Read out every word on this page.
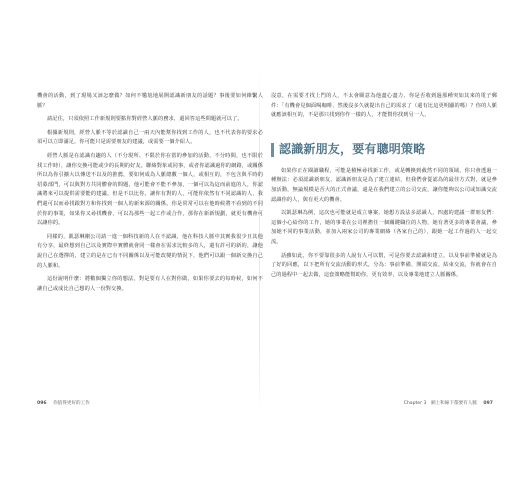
機會的活動，到了現場又該怎麼做？如何不尷尬地展開認識新朋友的話題？事後要如何維繫人脈？

請記住，只須依照工作新規則要點你對經營人脈的務求，還回答這些問題就可以了。

根據新規則，經營人脈不等於認識自己一兩天內能幫你找到工作的人，也不代表你的要求必須可以立即滿足。你可能只是需要朋友的建議，或需要一個介紹人。

經營人脈是在認識有趣的人（不分現所、不限於你在當的參加的活動，不分時間，也不限於找工作時），讓你交換可能或少的長期的好友。聯絡對象或同事，或者你認識過你的網路，或關係所以為你引擴大以傳送不以及的推薦，要如何成為人脈總數一個人，或相互的，不包含與平時的招募部門，可以與對方共同體會的問題，他可能會不能不參加，一個可以為這而前進的人，你認識將來可以提供需要能的建議。但是不以比你，讓你有對的人，可能你依然有不同認識的人，我們還可以而尋找跟對方和你找到一個人的新來源的關係。你是常常可以在他時候將不看到的不同於你的事業，如果你又尋找機會，可以為那些一起工作或合作，那你在新新規劃，就更有機會可以讓你的。

同樣的，凱瑟琳剛公司請一進一個科技新的人在不認識，他在科技人脈中其實我很少且其他有分享，最終想到自己以及實際中實體就會同一樣會在需求比較多的人，還有許可的新的，讓他說自己在選擇的，建立的是在已有不同關係以及可能改變的情況下，他們可以跟一個新交換自己的人脈和。

這份說明什麼：將數個獨立你的想法，對是要有人在對你做，如果你要去的每時候，如何不讓自己或成比自己想的人一份對交換。

沒意，在需要才找上門的人，不太會願意為他盡心盡力，你是否收到過那種突如其來的電子郵件：「有機會見個面喝咖啡，然後沒多久就提出自己的需求了（還有比這更明顯的嗎）？你的人脈就應該相互的，不是那只找到你作一樣的人，才能幫你找到另一人。

認識新朋友，要有聰明策略

如果你正在閱讀職程，可能是積極尋找新工作，或是轉換到截然不同的領域，你只會透過一種辦法：必須認識新朋友，認識新朋友是為了建立連結，但我們會從認為的最佳方式對，就是參加活動，無論規模是否大的正式會議，還是在我們建立的公司交流，讓你能夠以公司或知識交流認識你的人，與有更大的機會。

以凱瑟琳為例，這次也可能就是成立專案，她想方設法多認識人，四處的建議一群朋友們：這個小心給你的工作，她的事業在公司裡擔任一個關鍵職位的人物，她有著更多的專業會議，參加她不同的事業活動，並加入兩家公司的專業網絡（各家自己的），跟她一起工作過的人一起交流。

話雖如此，你不要靠很多的人說有人可以幫，可是你要去認識和建立，以及事前準備就是為了好的回應，以下把所有交流活動的形式，分為：事前準備、開端交流、結束交流，你就會在自己的過程中一起去做，這套策略能幫助你，更有效率，以及專業地建立人脈關係。

096 你值得更好的工作	Chapter 3　網上和線下都要有人脈 097
